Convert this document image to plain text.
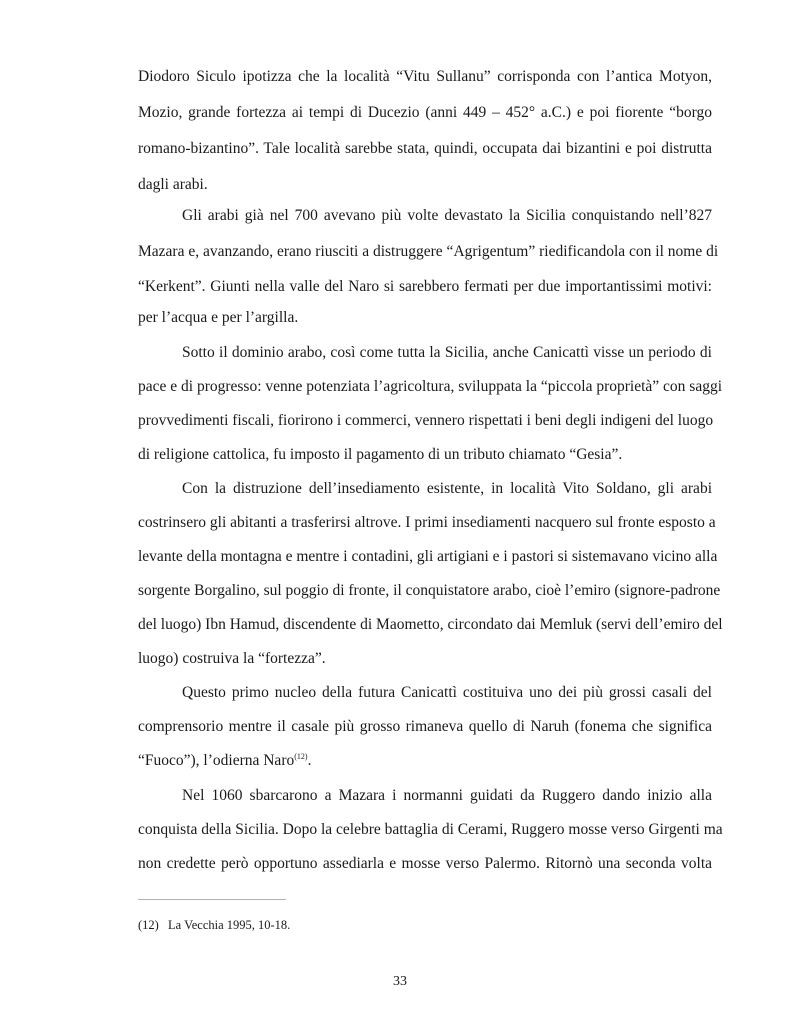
Diodoro Siculo ipotizza che la località “Vitu Sullanu” corrisponda con l’antica Motyon,
Mozio, grande fortezza ai tempi di Ducezio (anni 449 – 452° a.C.) e poi fiorente “borgo
romano-bizantino”. Tale località sarebbe stata, quindi, occupata dai bizantini e poi distrutta
dagli arabi.
Gli arabi già nel 700 avevano più volte devastato la Sicilia conquistando nell’827
Mazara e, avanzando, erano riusciti a distruggere “Agrigentum” riedificandola con il nome di
“Kerkent”. Giunti nella valle del Naro si sarebbero fermati per due importantissimi motivi:
per l’acqua e per l’argilla.
Sotto il dominio arabo, così come tutta la Sicilia, anche Canicattì visse un periodo di
pace e di progresso: venne potenziata l’agricoltura, sviluppata la “piccola proprietà” con saggi
provvedimenti fiscali, fiorirono i commerci, vennero rispettati i beni degli indigeni del luogo
di religione cattolica, fu imposto il pagamento di un tributo chiamato “Gesia”.
Con la distruzione dell’insediamento esistente, in località Vito Soldano, gli arabi
costrinsero gli abitanti a trasferirsi altrove. I primi insediamenti nacquero sul fronte esposto a
levante della montagna e mentre i contadini, gli artigiani e i pastori si sistemavano vicino alla
sorgente Borgalino, sul poggio di fronte, il conquistatore arabo, cioè l’emiro (signore-padrone
del luogo) Ibn Hamud, discendente di Maometto, circondato dai Memluk (servi dell’emiro del
luogo) costruiva la “fortezza”.
Questo primo nucleo della futura Canicattì costituiva uno dei più grossi casali del
comprensorio mentre il casale più grosso rimaneva quello di Naruh (fonema che significa
“Fuoco”), l’odierna Naro$^{(12)}$.
Nel 1060 sbarcarono a Mazara i normanni guidati da Ruggero dando inizio alla
conquista della Sicilia. Dopo la celebre battaglia di Cerami, Ruggero mosse verso Girgenti ma
non credette però opportuno assediarla e mosse verso Palermo. Ritornò una seconda volta
(12) La Vecchia 1995, 10-18.
33
